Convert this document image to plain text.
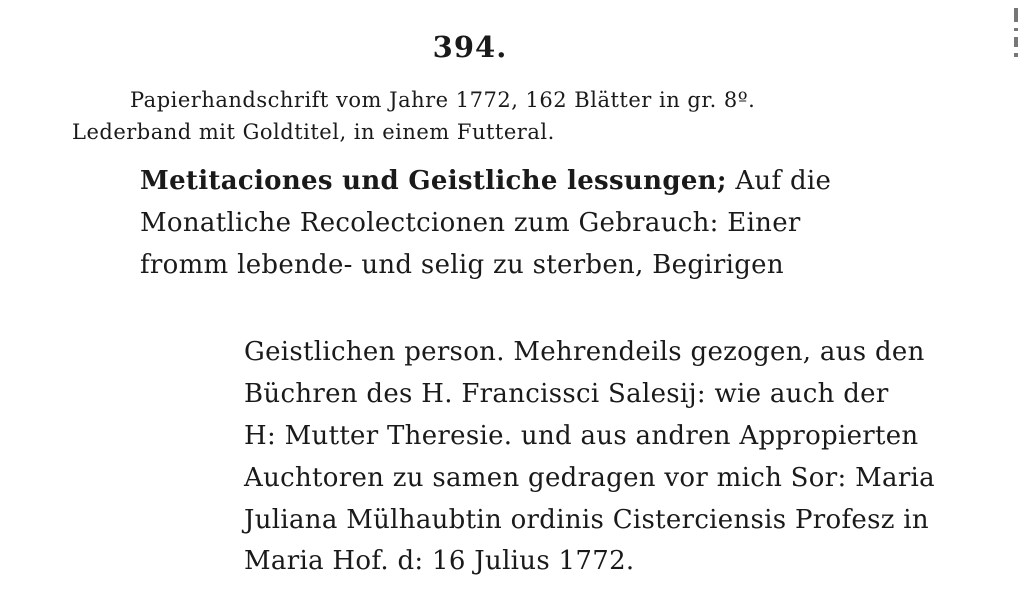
394.
Papierhandschrift vom Jahre 1772, 162 Blätter in gr. 8º.
Lederband mit Goldtitel, in einem Futteral.
Metitaciones und Geistliche lessungen; Auf die
Monatliche Recolectcionen zum Gebrauch: Einer
fromm lebende- und selig zu sterben, Begirigen
Geistlichen person. Mehrendeils gezogen, aus den
Büchren des H. Francissci Salesij: wie auch der
H: Mutter Theresie. und aus andren Appropierten
Auchtoren zu samen gedragen vor mich Sor: Maria
Juliana Mülhaubtin ordinis Cisterciensis Profesz in
Maria Hof. d: 16 Julius 1772.
